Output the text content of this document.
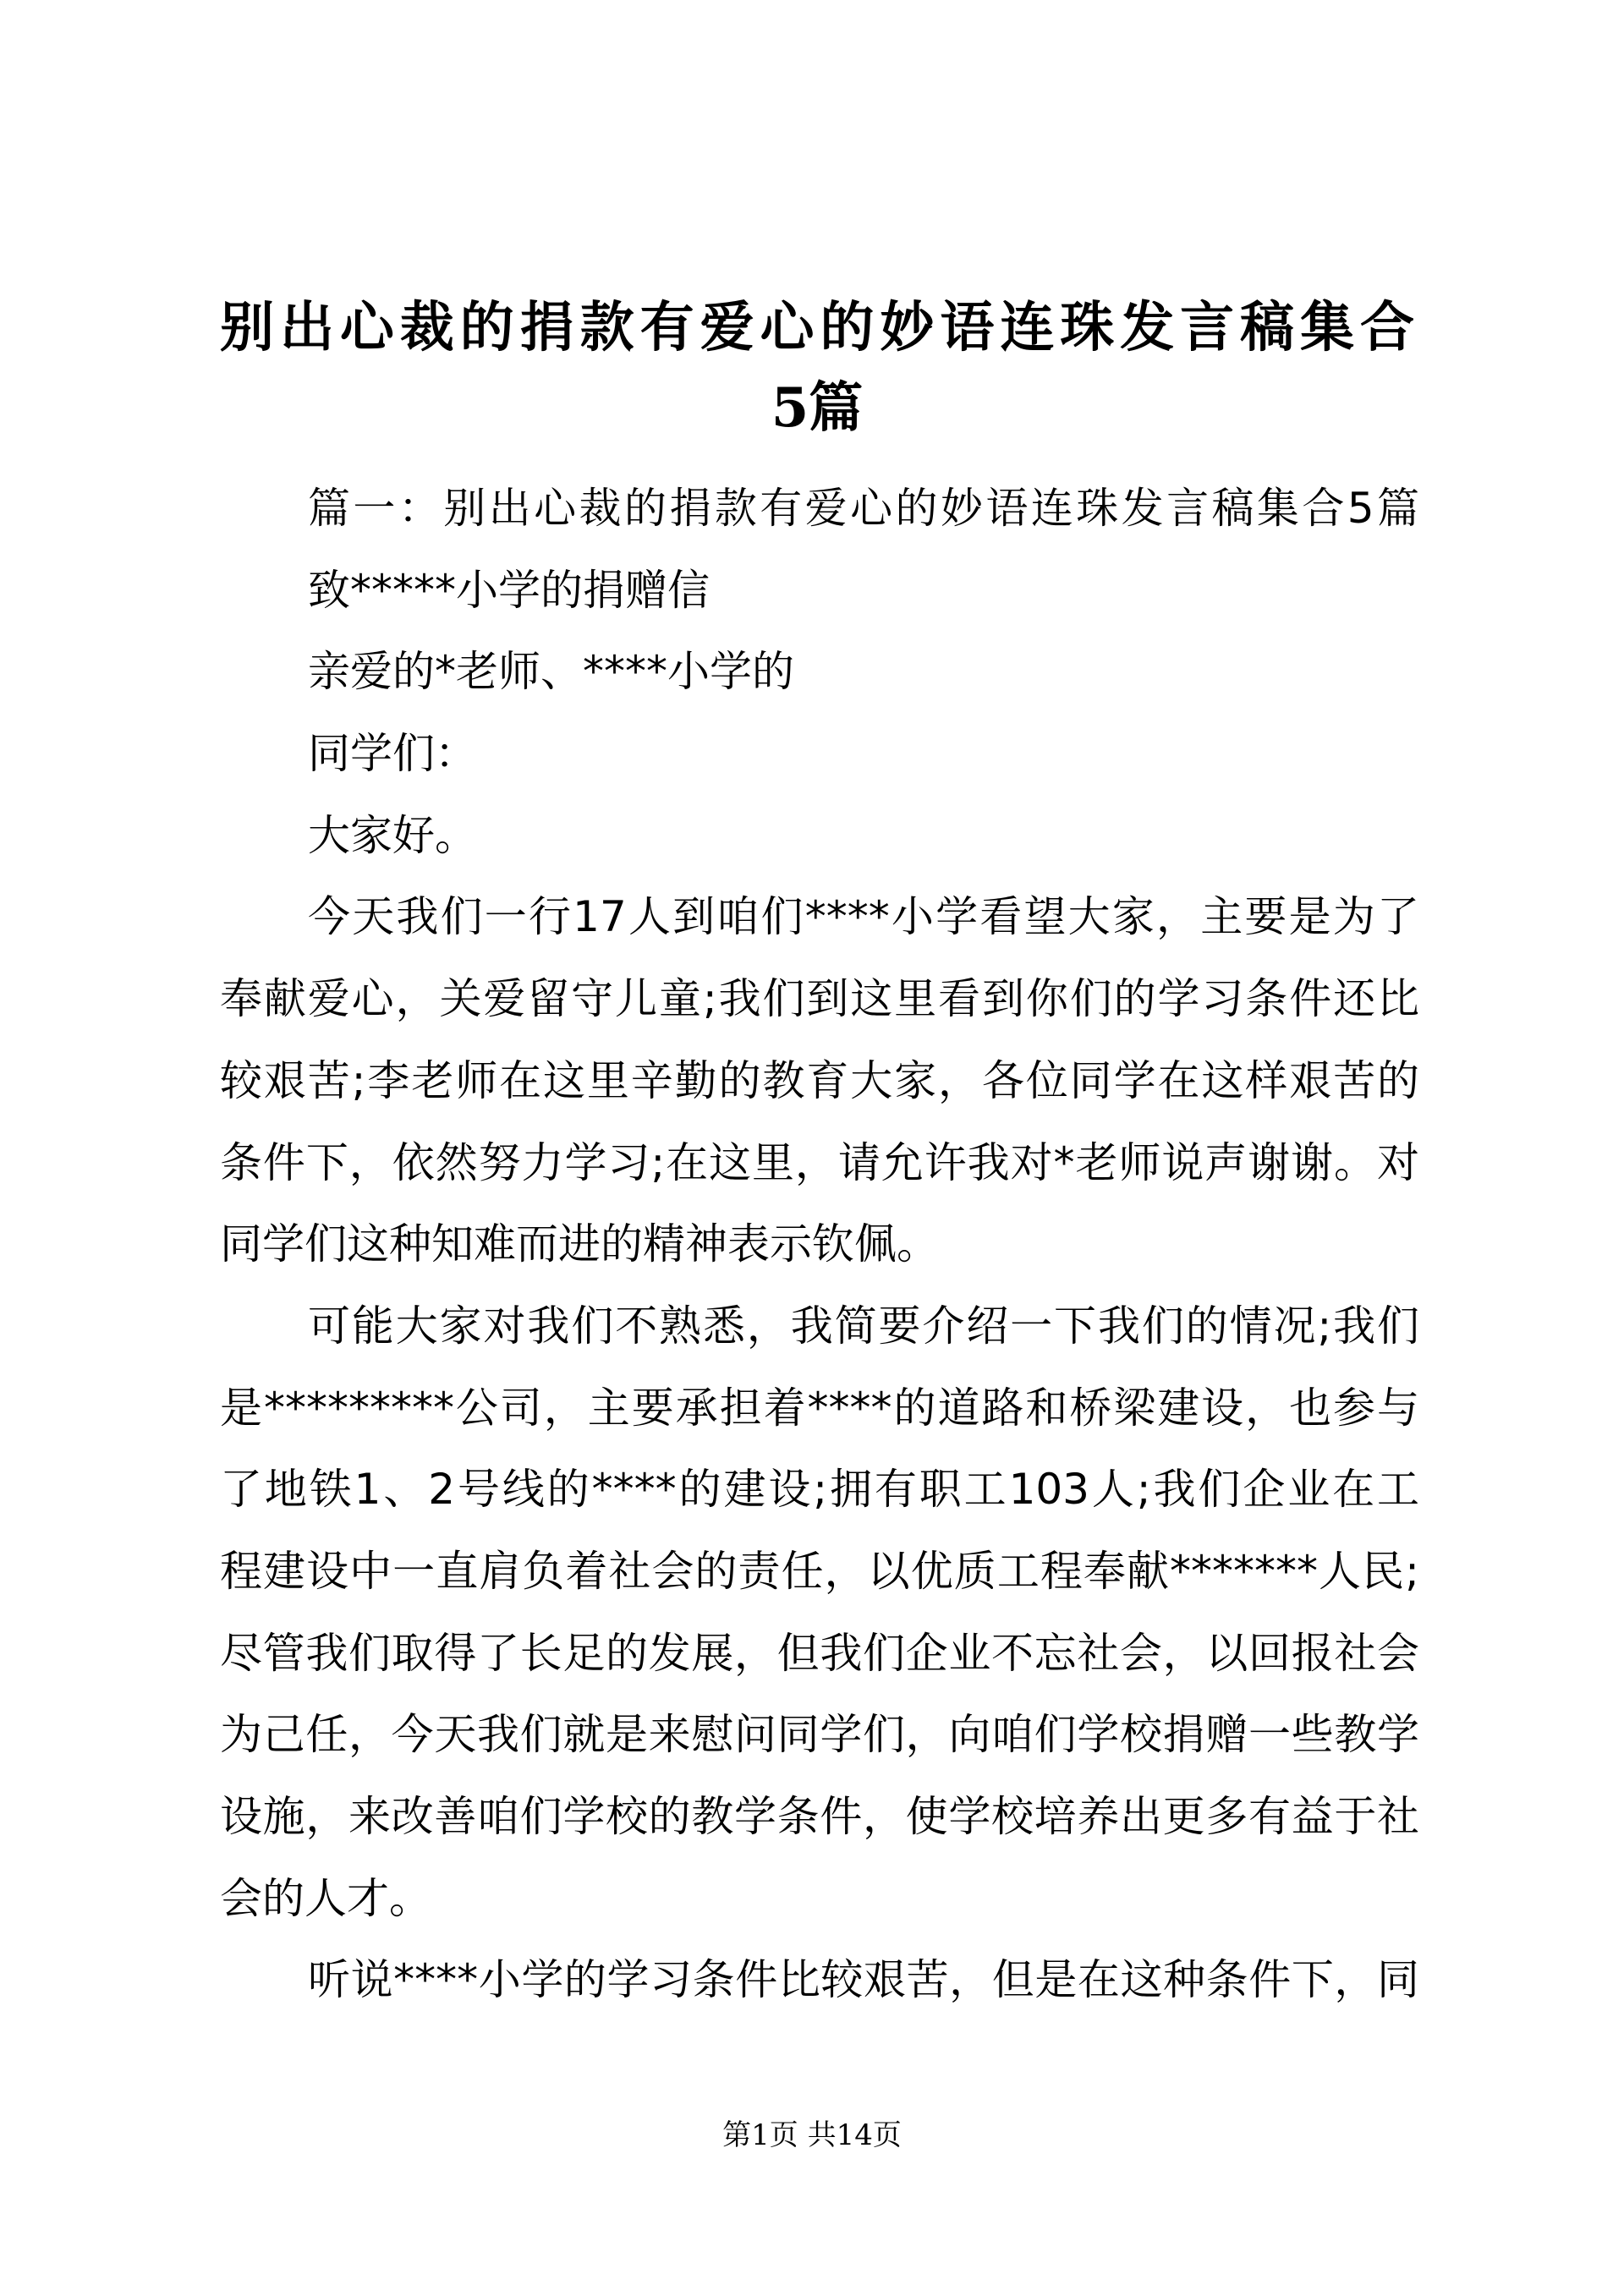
别​出​心​裁​的​捐​款​有​爱​心​的​妙​语​连​珠​发​言​稿​集​合
5篇
篇​一​：​别​出​心​裁​的​捐​款​有​爱​心​的​妙​语​连​珠​发​言​稿​集​合​5​篇
致*****小学的捐赠信
亲爱的*老师、****小学的
同学们：
大家好。
今​天​我​们​一​行​1​7​人​到​咱​们​*​*​*​*​小​学​看​望​大​家​，​主​要​是​为​了
奉​献​爱​心​，​关​爱​留​守​儿​童​;​我​们​到​这​里​看​到​你​们​的​学​习​条​件​还​比
较​艰​苦​;​李​老​师​在​这​里​辛​勤​的​教​育​大​家​，​各​位​同​学​在​这​样​艰​苦​的
条​件​下​，​依​然​努​力​学​习​;​在​这​里​，​请​允​许​我​对​*​老​师​说​声​谢​谢​。​对
同学们这种知难而进的精神表示钦佩。
可​能​大​家​对​我​们​不​熟​悉​，​我​简​要​介​绍​一​下​我​们​的​情​况​;​我​们
是​*​*​*​*​*​*​*​*​*​公​司​，​主​要​承​担​着​*​*​*​*​的​道​路​和​桥​梁​建​设​，​也​参​与
了​地​铁​1​、​2​号​线​的​*​*​*​*​的​建​设​;​拥​有​职​工​1​0​3​人​;​我​们​企​业​在​工
程​建​设​中​一​直​肩​负​着​社​会​的​责​任​，​以​优​质​工​程​奉​献​*​*​*​*​*​*​*​人​民​;
尽​管​我​们​取​得​了​长​足​的​发​展​，​但​我​们​企​业​不​忘​社​会​，​以​回​报​社​会
为​己​任​，​今​天​我​们​就​是​来​慰​问​同​学​们​，​向​咱​们​学​校​捐​赠​一​些​教​学
设​施​，​来​改​善​咱​们​学​校​的​教​学​条​件​，​使​学​校​培​养​出​更​多​有​益​于​社
会的人才。
听​说​*​*​*​*​小​学​的​学​习​条​件​比​较​艰​苦​，​但​是​在​这​种​条​件​下​，​同
第1页 共14页
